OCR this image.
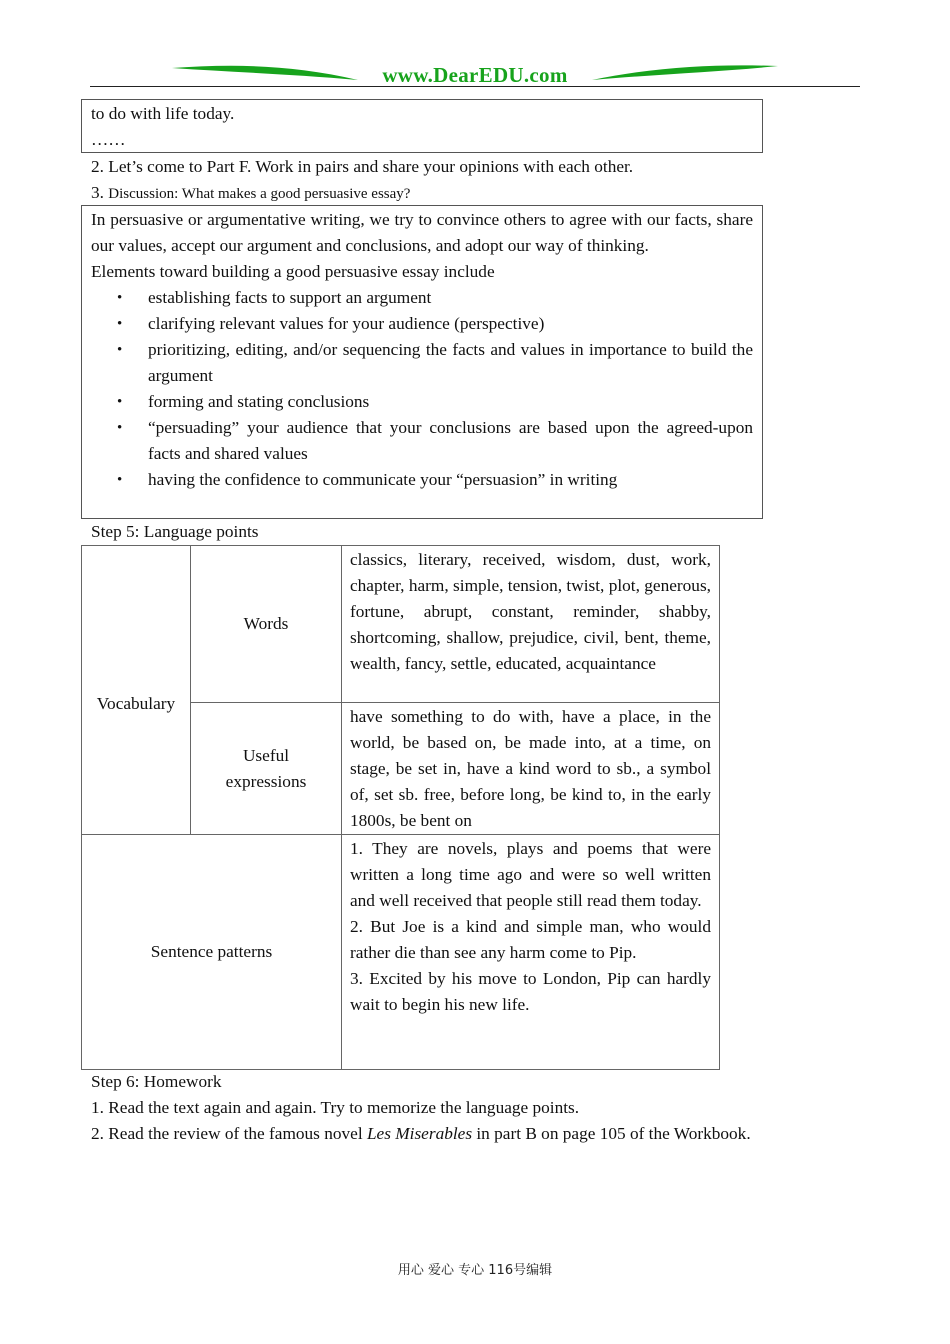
www.DearEDU.com
to do with life today.
……
2. Let’s come to Part F. Work in pairs and share your opinions with each other.
3. Discussion: What makes a good persuasive essay?
In persuasive or argumentative writing, we try to convince others to agree with our facts, share our values, accept our argument and conclusions, and adopt our way of thinking.
Elements toward building a good persuasive essay include
• establishing facts to support an argument
• clarifying relevant values for your audience (perspective)
• prioritizing, editing, and/or sequencing the facts and values in importance to build the argument
• forming and stating conclusions
• “persuading” your audience that your conclusions are based upon the agreed-upon facts and shared values
• having the confidence to communicate your “persuasion” in writing
Step 5: Language points
Vocabulary	Words	classics, literary, received, wisdom, dust, work, chapter, harm, simple, tension, twist, plot, generous, fortune, abrupt, constant, reminder, shabby, shortcoming, shallow, prejudice, civil, bent, theme, wealth, fancy, settle, educated, acquaintance

	Useful
expressions	have something to do with, have a place, in the world, be based on, be made into, at a time, on stage, be set in, have a kind word to sb., a symbol of, set sb. free, before long, be kind to, in the early 1800s, be bent on
Sentence patterns		1. They are novels, plays and poems that were written a long time ago and were so well written and well received that people still read them today.
2. But Joe is a kind and simple man, who would rather die than see any harm come to Pip.
3. Excited by his move to London, Pip can hardly wait to begin his new life.
Step 6: Homework
1. Read the text again and again. Try to memorize the language points.
2. Read the review of the famous novel Les Miserables in part B on page 105 of the Workbook.
用心 爱心 专心 116号编辑
